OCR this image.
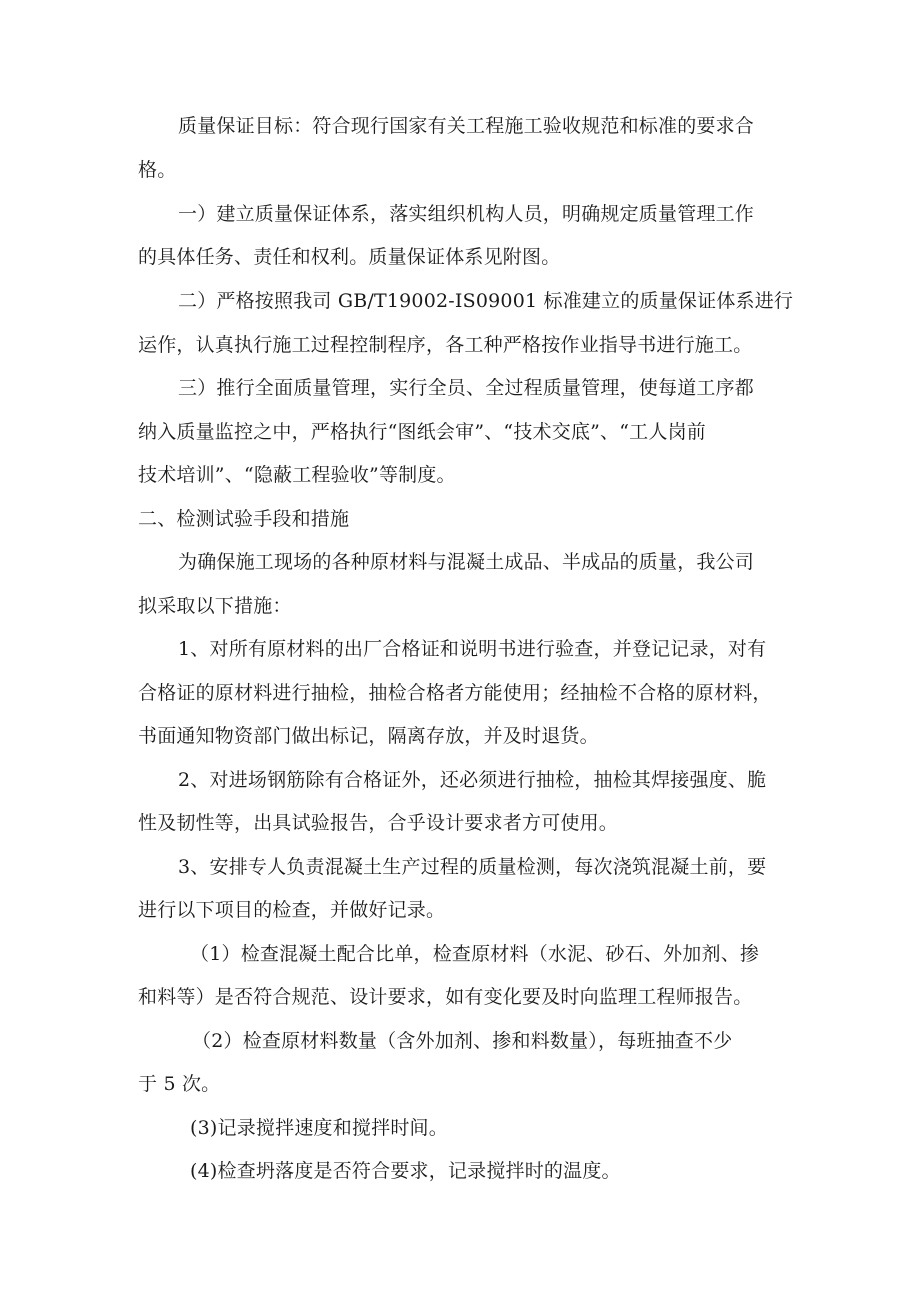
质量保证目标：符合现行国家有关工程施工验收规范和标准的要求合
格。
一）建立质量保证体系，落实组织机构人员，明确规定质量管理工作
的具体任务、责任和权利。质量保证体系见附图。
二）严格按照我司 GB/T19002-IS09001 标准建立的质量保证体系进行
运作，认真执行施工过程控制程序，各工种严格按作业指导书进行施工。
三）推行全面质量管理，实行全员、全过程质量管理，使每道工序都
纳入质量监控之中，严格执行“图纸会审”、“技术交底”、“工人岗前
技术培训”、“隐蔽工程验收”等制度。
二、检测试验手段和措施
为确保施工现场的各种原材料与混凝土成品、半成品的质量，我公司
拟采取以下措施：
1、对所有原材料的出厂合格证和说明书进行验查，并登记记录，对有
合格证的原材料进行抽检，抽检合格者方能使用；经抽检不合格的原材料，
书面通知物资部门做出标记，隔离存放，并及时退货。
2、对进场钢筋除有合格证外，还必须进行抽检，抽检其焊接强度、脆
性及韧性等，出具试验报告，合乎设计要求者方可使用。
3、安排专人负责混凝土生产过程的质量检测，每次浇筑混凝土前，要
进行以下项目的检查，并做好记录。
（1）检查混凝土配合比单，检查原材料（水泥、砂石、外加剂、掺
和料等）是否符合规范、设计要求，如有变化要及时向监理工程师报告。
（2）检查原材料数量（含外加剂、掺和料数量），每班抽查不少
于 5 次。
(3)记录搅拌速度和搅拌时间。
(4)检查坍落度是否符合要求，记录搅拌时的温度。
